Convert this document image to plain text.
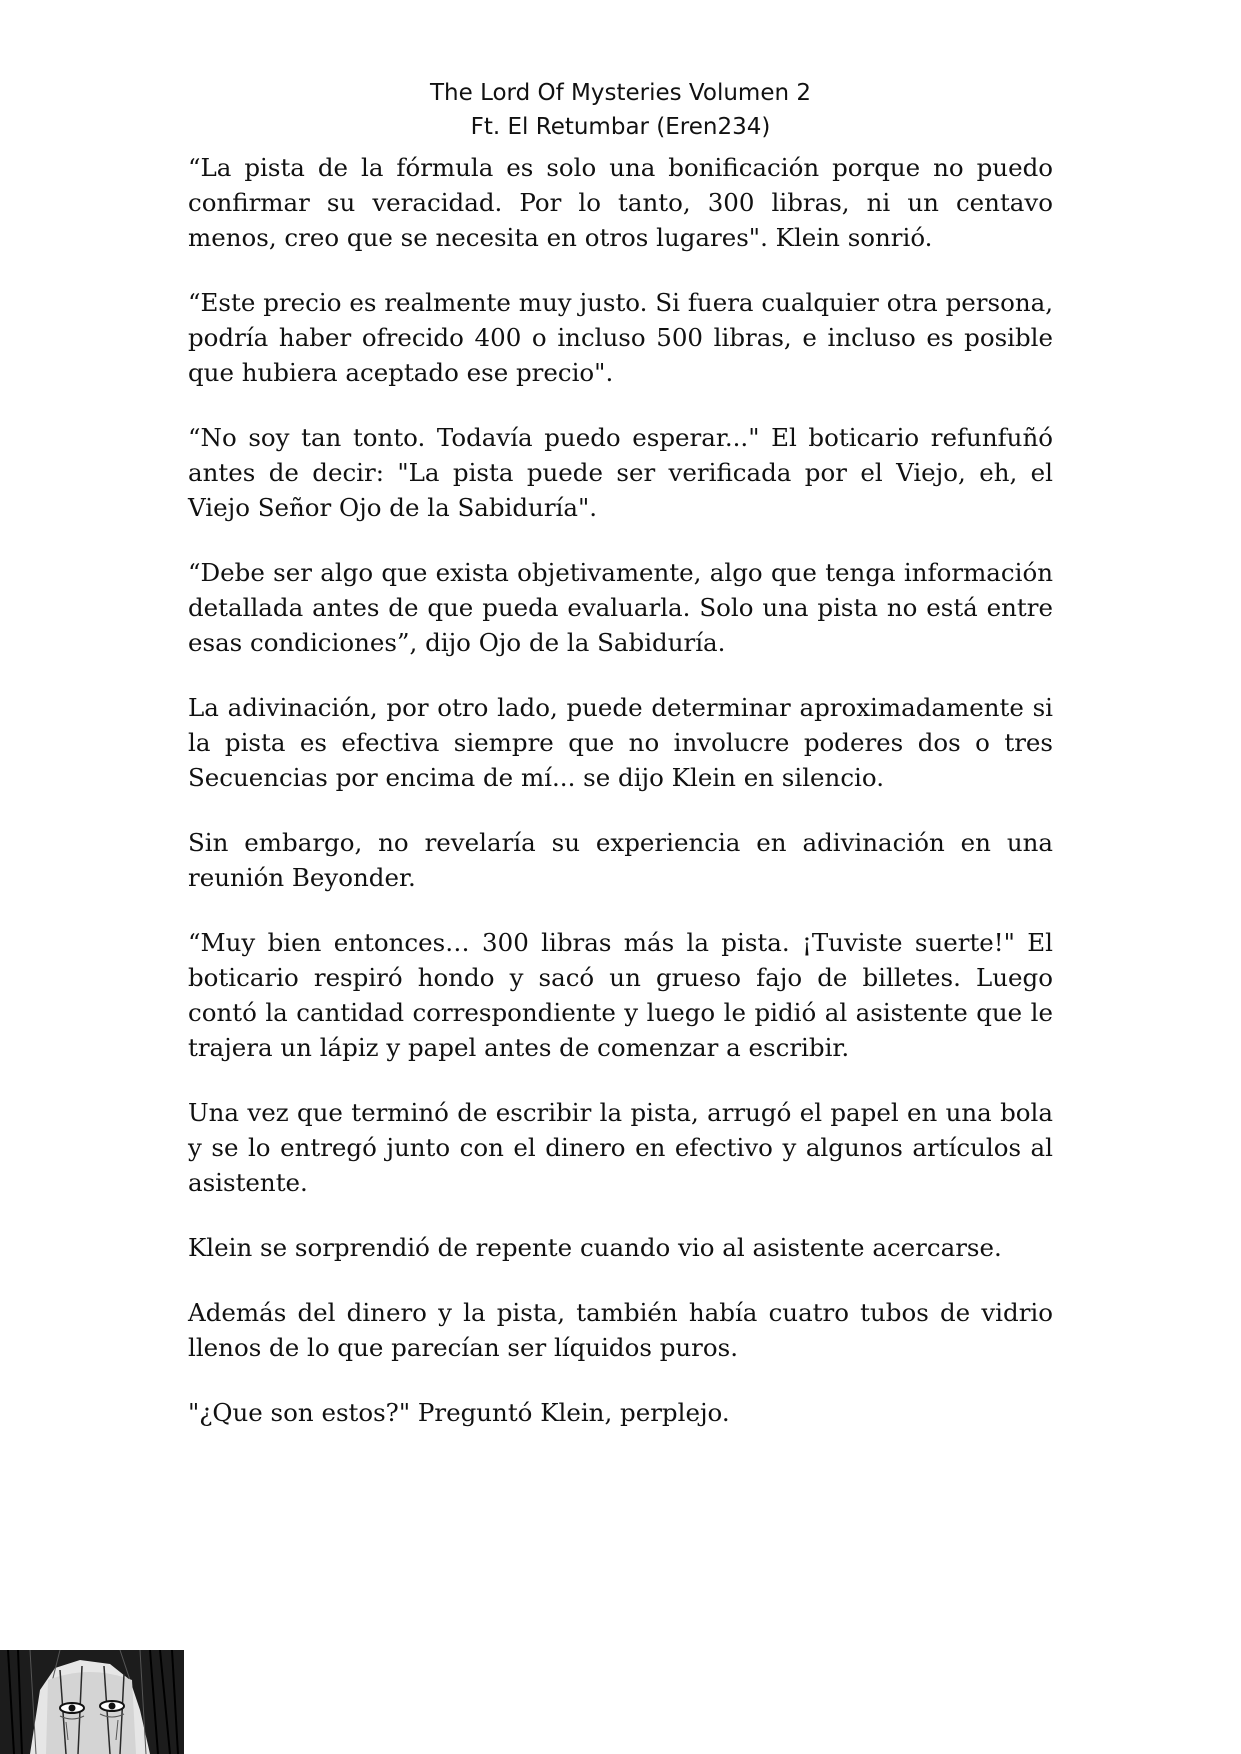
The Lord Of Mysteries Volumen 2
Ft. El Retumbar (Eren234)

“La pista de la fórmula es solo una bonificación porque no puedo confirmar su veracidad. Por lo tanto, 300 libras, ni un centavo menos, creo que se necesita en otros lugares". Klein sonrió.

“Este precio es realmente muy justo. Si fuera cualquier otra persona, podría haber ofrecido 400 o incluso 500 libras, e incluso es posible que hubiera aceptado ese precio".

“No soy tan tonto. Todavía puedo esperar..." El boticario refunfuñó antes de decir: "La pista puede ser verificada por el Viejo, eh, el Viejo Señor Ojo de la Sabiduría".

“Debe ser algo que exista objetivamente, algo que tenga información detallada antes de que pueda evaluarla. Solo una pista no está entre esas condiciones”, dijo Ojo de la Sabiduría.

La adivinación, por otro lado, puede determinar aproximadamente si la pista es efectiva siempre que no involucre poderes dos o tres Secuencias por encima de mí... se dijo Klein en silencio.

Sin embargo, no revelaría su experiencia en adivinación en una reunión Beyonder.

“Muy bien entonces… 300 libras más la pista. ¡Tuviste suerte!" El boticario respiró hondo y sacó un grueso fajo de billetes. Luego contó la cantidad correspondiente y luego le pidió al asistente que le trajera un lápiz y papel antes de comenzar a escribir.

Una vez que terminó de escribir la pista, arrugó el papel en una bola y se lo entregó junto con el dinero en efectivo y algunos artículos al asistente.

Klein se sorprendió de repente cuando vio al asistente acercarse.

Además del dinero y la pista, también había cuatro tubos de vidrio llenos de lo que parecían ser líquidos puros.

"¿Que son estos?" Preguntó Klein, perplejo.
